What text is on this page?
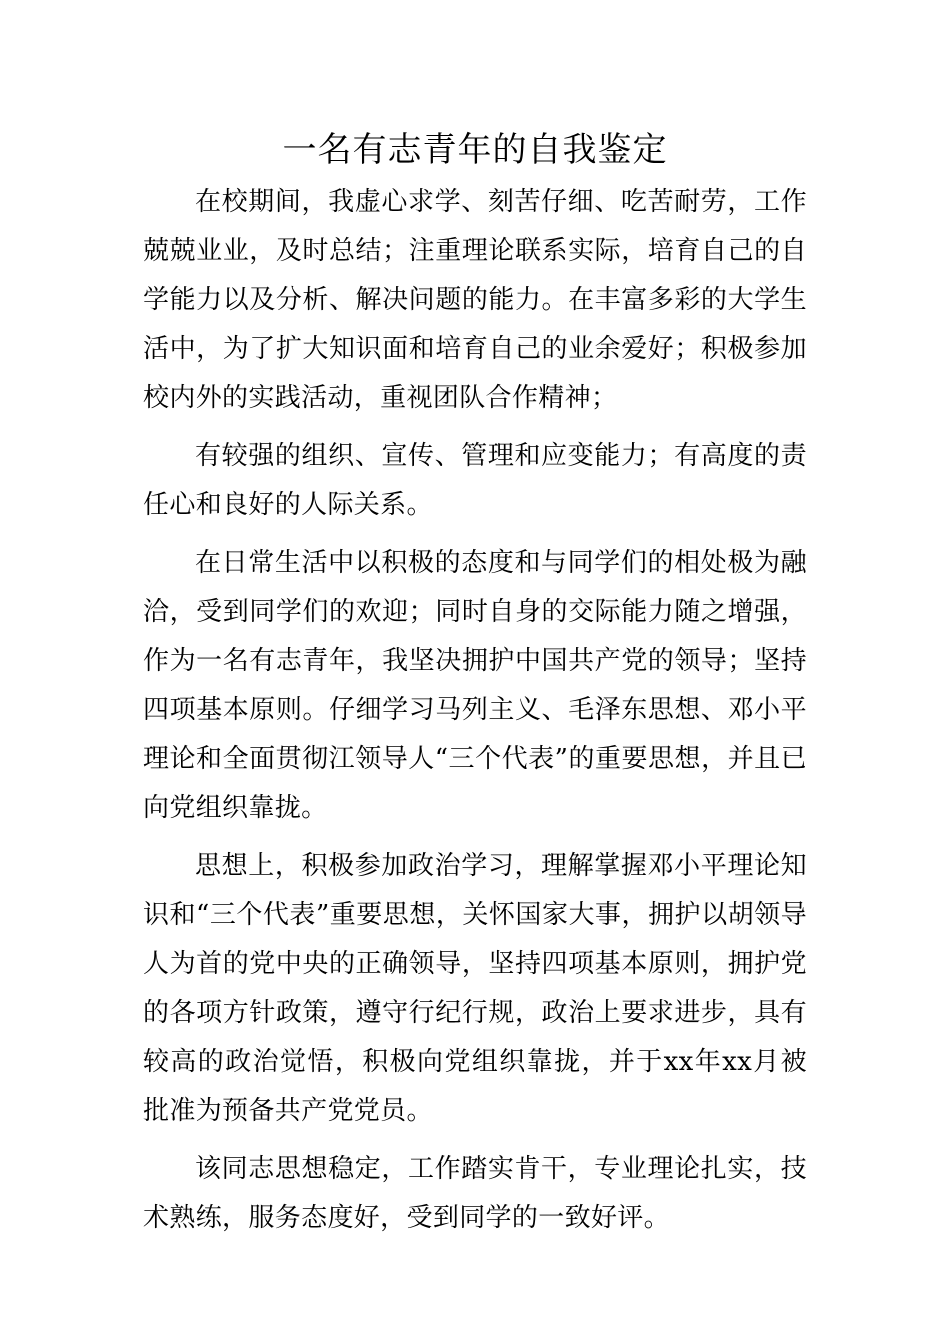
一名有志青年的自我鉴定

在校期间，我虚心求学、刻苦仔细、吃苦耐劳，工作兢兢业业，及时总结；注重理论联系实际，培育自己的自学能力以及分析、解决问题的能力。在丰富多彩的大学生活中，为了扩大知识面和培育自己的业余爱好；积极参加校内外的实践活动，重视团队合作精神；

有较强的组织、宣传、管理和应变能力；有高度的责任心和良好的人际关系。

在日常生活中以积极的态度和与同学们的相处极为融洽，受到同学们的欢迎；同时自身的交际能力随之增强，作为一名有志青年，我坚决拥护中国共产党的领导；坚持四项基本原则。仔细学习马列主义、毛泽东思想、邓小平理论和全面贯彻江领导人“三个代表”的重要思想，并且已向党组织靠拢。

思想上，积极参加政治学习，理解掌握邓小平理论知识和“三个代表”重要思想，关怀国家大事，拥护以胡领导人为首的党中央的正确领导，坚持四项基本原则，拥护党的各项方针政策，遵守行纪行规，政治上要求进步，具有较高的政治觉悟，积极向党组织靠拢，并于xx年xx月被批准为预备共产党党员。

该同志思想稳定，工作踏实肯干，专业理论扎实，技术熟练，服务态度好，受到同学的一致好评。
